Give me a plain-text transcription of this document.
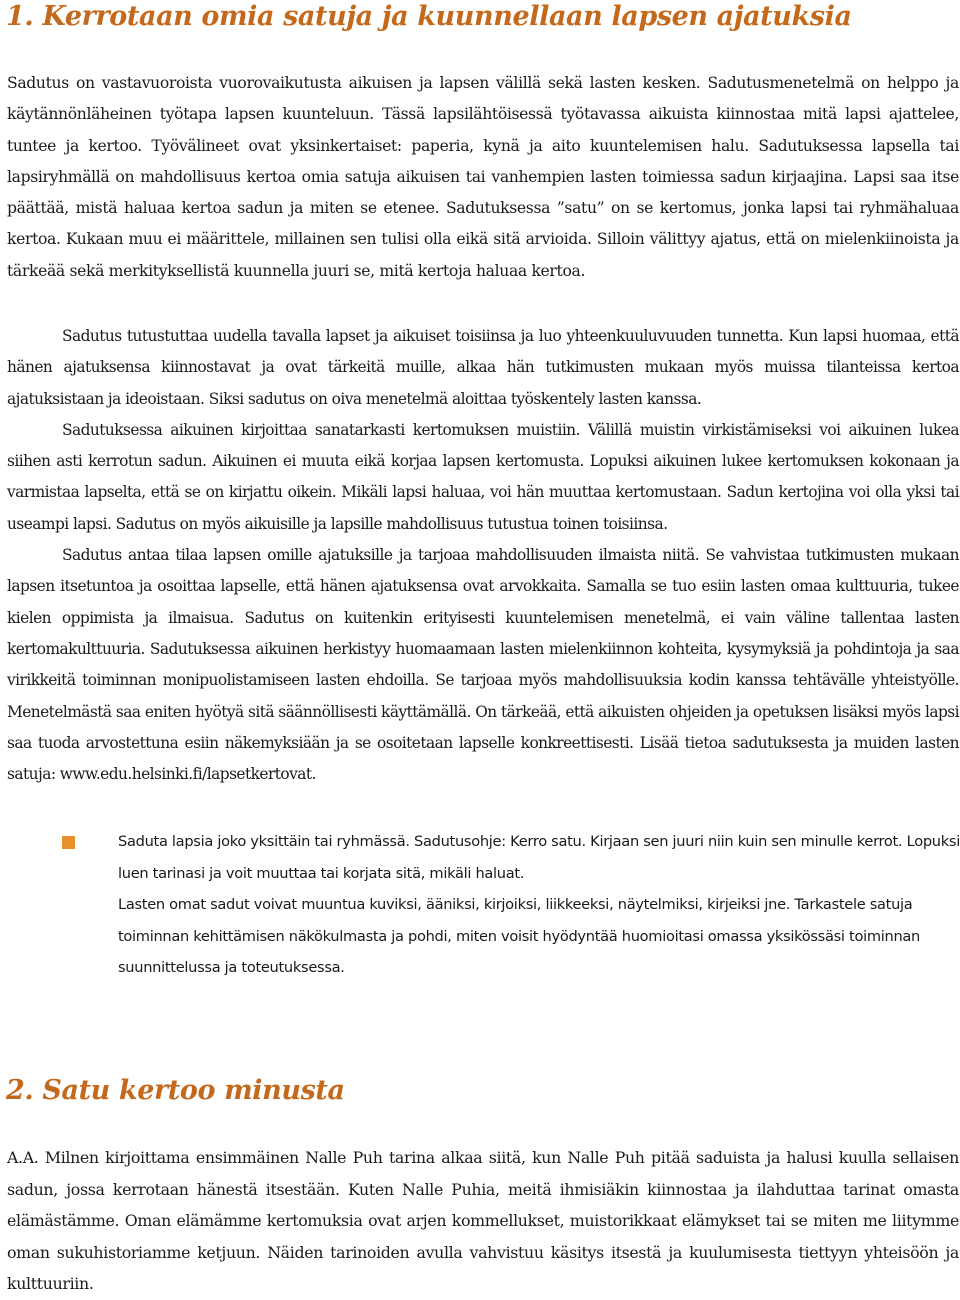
1. Kerrotaan omia satuja ja kuunnellaan lapsen ajatuksia

Sadutus on vastavuoroista vuorovaikutusta aikuisen ja lapsen välillä sekä lasten kesken. Sadutusmenetelmä on helppo ja käytännönläheinen työtapa lapsen kuunteluun. Tässä lapsilähtöisessä työtavassa aikuista kiinnostaa mitä lapsi ajattelee, tuntee ja kertoo. Työvälineet ovat yksinkertaiset: paperia, kynä ja aito kuuntelemisen halu. Sadutuksessa lapsella tai lapsiryhmällä on mahdollisuus kertoa omia satuja aikuisen tai vanhempien lasten toimiessa sadun kirjaajina. Lapsi saa itse päättää, mistä haluaa kertoa sadun ja miten se etenee. Sadutuksessa ”satu” on se kertomus, jonka lapsi tai ryhmähaluaa kertoa. Kukaan muu ei määrittele, millainen sen tulisi olla eikä sitä arvioida. Silloin välittyy ajatus, että on mielenkiinoista ja tärkeää sekä merkityksellistä kuunnella juuri se, mitä kertoja haluaa kertoa.

Sadutus tutustuttaa uudella tavalla lapset ja aikuiset toisiinsa ja luo yhteenkuuluvuuden tunnetta. Kun lapsi huomaa, että hänen ajatuksensa kiinnostavat ja ovat tärkeitä muille, alkaa hän tutkimusten mukaan myös muissa tilanteissa kertoa ajatuksistaan ja ideoistaan. Siksi sadutus on oiva menetelmä aloittaa työskentely lasten kanssa.

Sadutuksessa aikuinen kirjoittaa sanatarkasti kertomuksen muistiin. Välillä muistin virkistämiseksi voi aikuinen lukea siihen asti kerrotun sadun. Aikuinen ei muuta eikä korjaa lapsen kertomusta. Lopuksi aikuinen lukee kertomuksen kokonaan ja varmistaa lapselta, että se on kirjattu oikein. Mikäli lapsi haluaa, voi hän muuttaa kertomustaan. Sadun kertojina voi olla yksi tai useampi lapsi. Sadutus on myös aikuisille ja lapsille mahdollisuus tutustua toinen toisiinsa.

Sadutus antaa tilaa lapsen omille ajatuksille ja tarjoaa mahdollisuuden ilmaista niitä. Se vahvistaa tutkimusten mukaan lapsen itsetuntoa ja osoittaa lapselle, että hänen ajatuksensa ovat arvokkaita. Samalla se tuo esiin lasten omaa kulttuuria, tukee kielen oppimista ja ilmaisua. Sadutus on kuitenkin erityisesti kuuntelemisen menetelmä, ei vain väline tallentaa lasten kertomakulttuuria. Sadutuksessa aikuinen herkistyy huomaamaan lasten mielenkiinnon kohteita, kysymyksiä ja pohdintoja ja saa virikkeitä toiminnan monipuolistamiseen lasten ehdoilla. Se tarjoaa myös mahdollisuuksia kodin kanssa tehtävälle yhteistyölle. Menetelmästä saa eniten hyötyä sitä säännöllisesti käyttämällä. On tärkeää, että aikuisten ohjeiden ja opetuksen lisäksi myös lapsi saa tuoda arvostettuna esiin näkemyksiään ja se osoitetaan lapselle konkreettisesti. Lisää tietoa sadutuksesta ja muiden lasten satuja: www.edu.helsinki.fi/lapsetkertovat.

Saduta lapsia joko yksittäin tai ryhmässä. Sadutusohje: Kerro satu. Kirjaan sen juuri niin kuin sen minulle kerrot. Lopuksi luen tarinasi ja voit muuttaa tai korjata sitä, mikäli haluat.

Lasten omat sadut voivat muuntua kuviksi, ääniksi, kirjoiksi, liikkeeksi, näytelmiksi, kirjeiksi jne. Tarkastele satuja toiminnan kehittämisen näkökulmasta ja pohdi, miten voisit hyödyntää huomioitasi omassa yksikössäsi toiminnan suunnittelussa ja toteutuksessa.

2. Satu kertoo minusta

A.A. Milnen kirjoittama ensimmäinen Nalle Puh tarina alkaa siitä, kun Nalle Puh pitää saduista ja halusi kuulla sellaisen sadun, jossa kerrotaan hänestä itsestään. Kuten Nalle Puhia, meitä ihmisiäkin kiinnostaa ja ilahduttaa tarinat omasta elämästämme. Oman elämämme kertomuksia ovat arjen kommellukset, muistorikkaat elämykset tai se miten me liitymme oman sukuhistoriamme ketjuun. Näiden tarinoiden avulla vahvistuu käsitys itsestä ja kuulumisesta tiettyyn yhteisöön ja kulttuuriin.
